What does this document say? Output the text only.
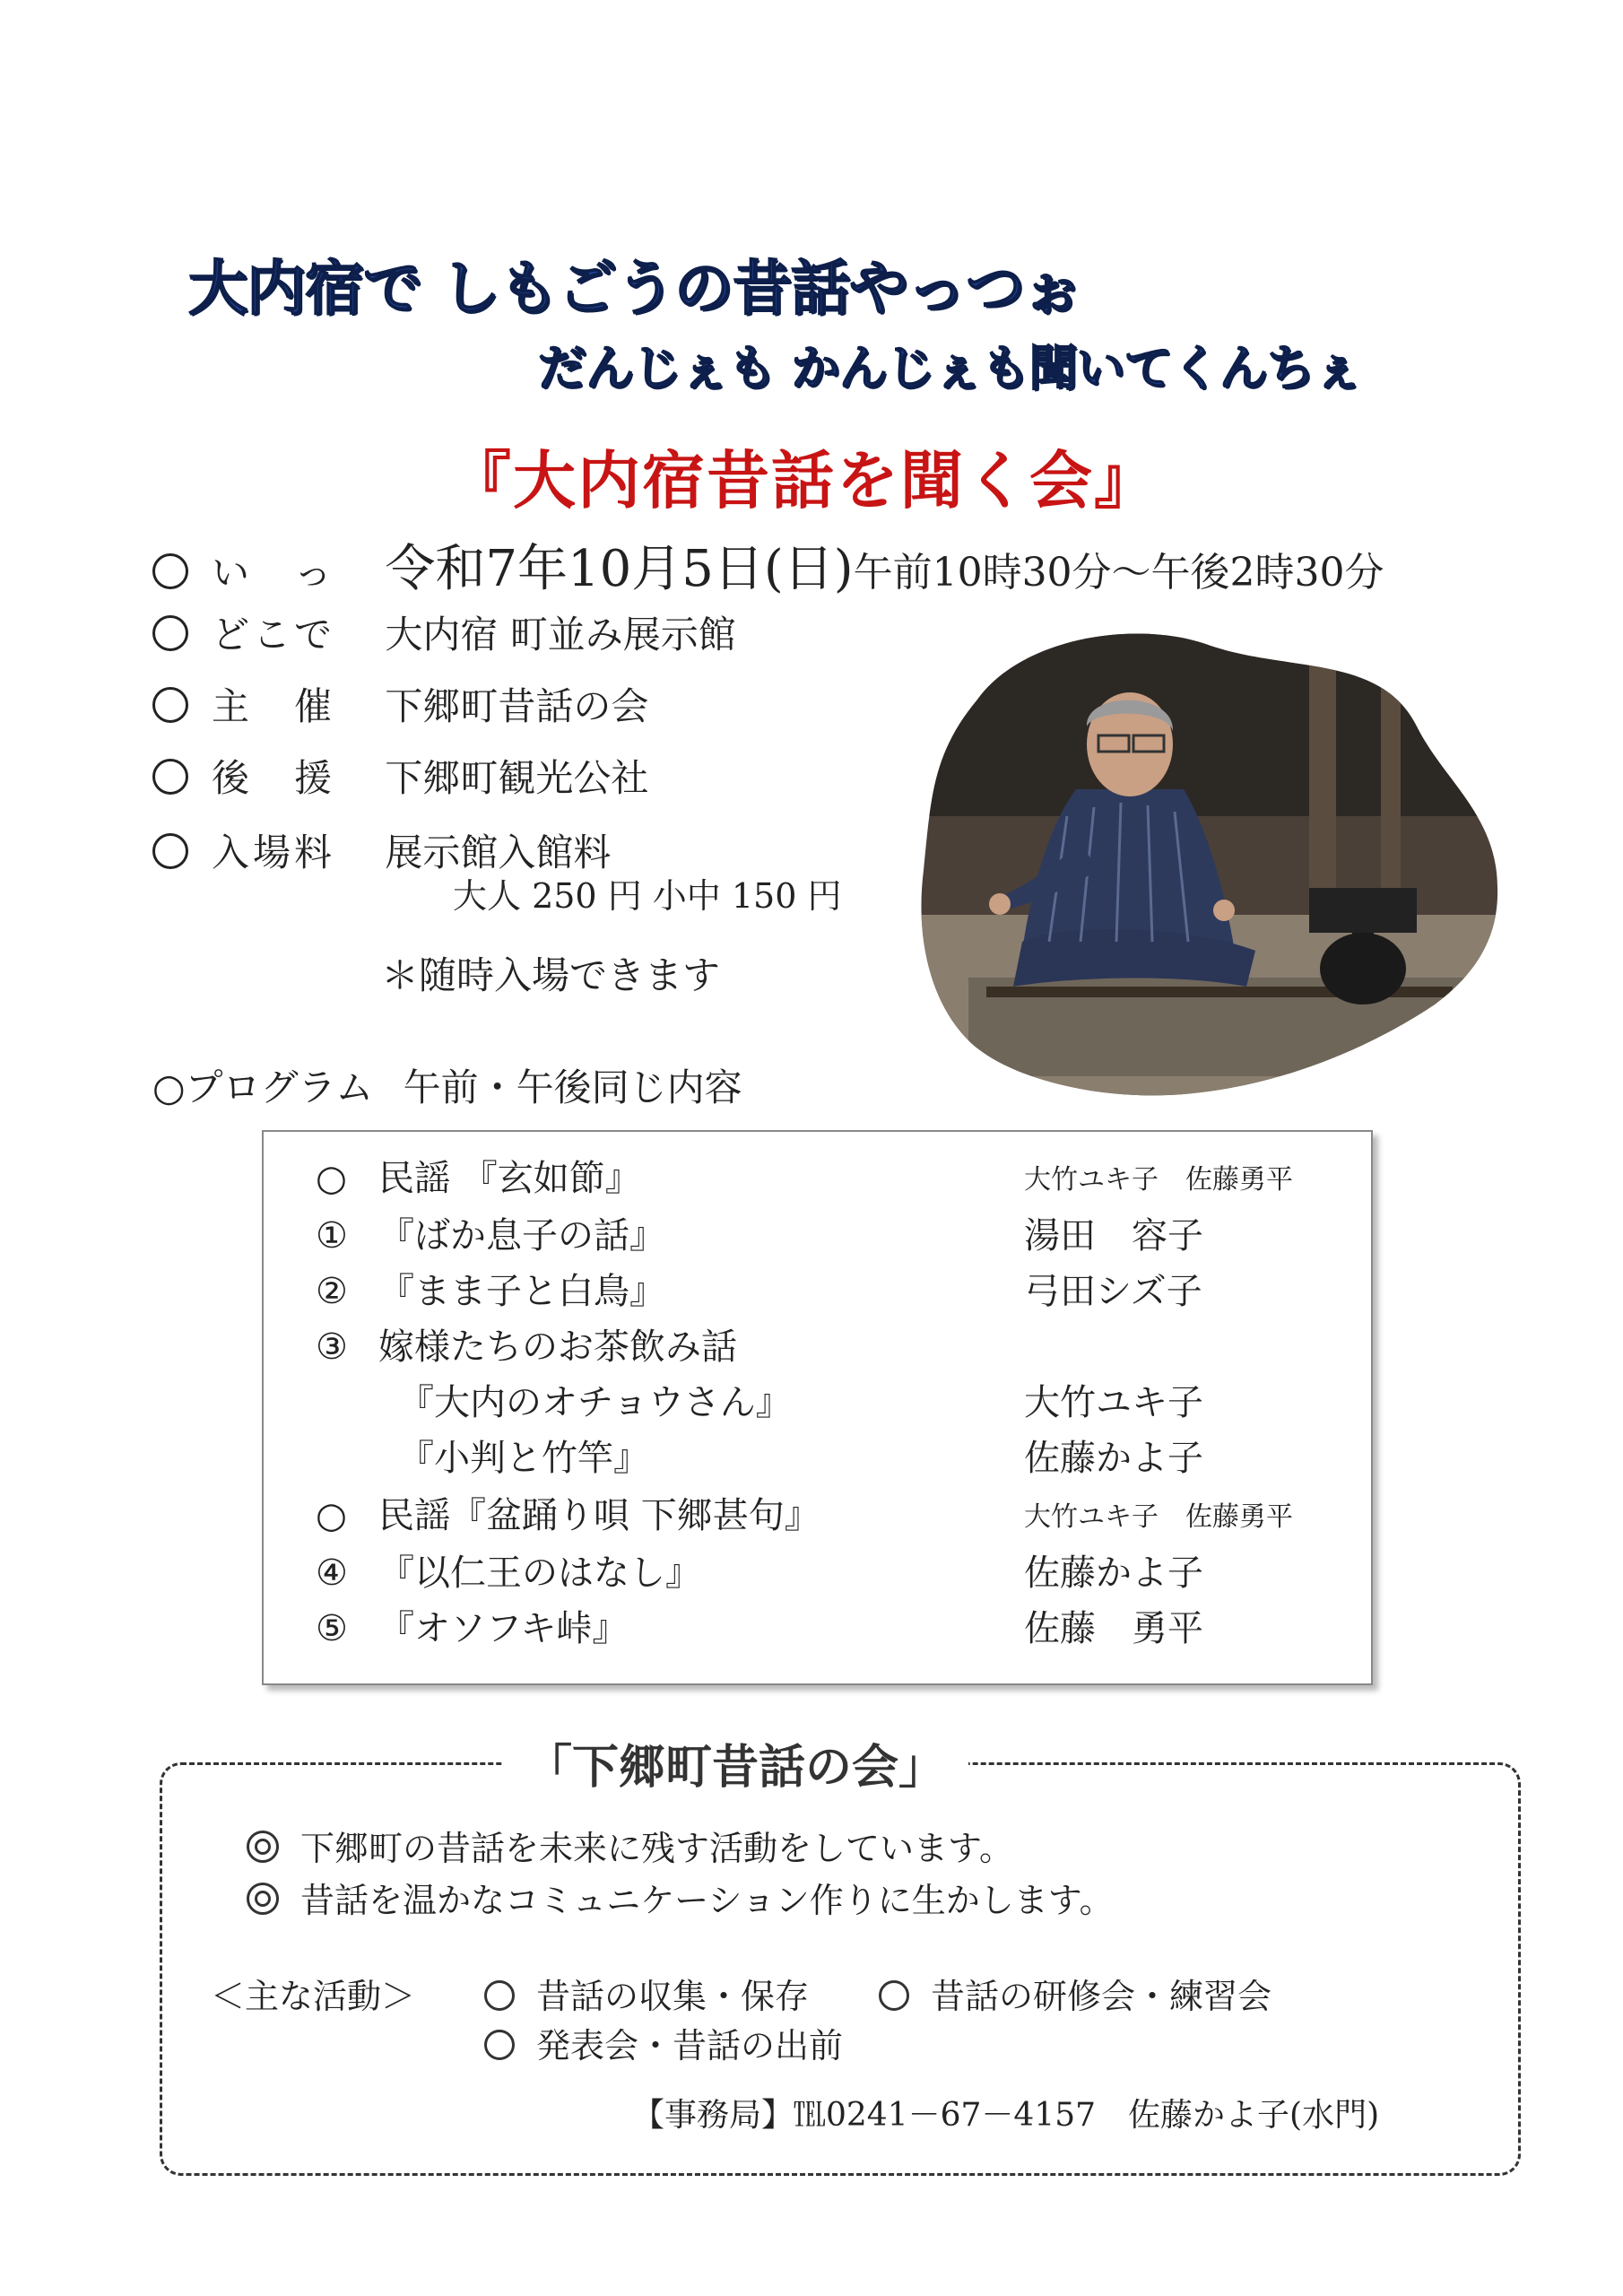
大内宿で しもごうの昔話やっつぉ
だんじぇも かんじぇも聞いてくんちぇ
『大内宿昔話を聞く会』
い　っ 令和7年10月5日(日)午前10時30分〜午後2時30分
どこで 大内宿 町並み展示館
主　催 下郷町昔話の会
後　援 下郷町観光公社
入場料 展示館入館料
大人 250 円 小中 150 円
＊随時入場できます
○プログラム 午前・午後同じ内容
○ 民謡 『玄如節』	大竹ユキ子　佐藤勇平
① 『ばか息子の話』	湯田　容子
② 『まま子と白鳥』	弓田シズ子
③ 嫁様たちのお茶飲み話
『大内のオチョウさん』	大竹ユキ子
『小判と竹竿』	佐藤かよ子
○ 民謡『盆踊り唄 下郷甚句』	大竹ユキ子　佐藤勇平
④ 『以仁王のはなし』	佐藤かよ子
⑤ 『オソフキ峠』	佐藤　勇平
「下郷町昔話の会」
下郷町の昔話を未来に残す活動をしています。
昔話を温かなコミュニケーション作りに生かします。
＜主な活動＞	昔話の収集・保存	昔話の研修会・練習会
発表会・昔話の出前
【事務局】℡0241－67－4157　佐藤かよ子(水門)
